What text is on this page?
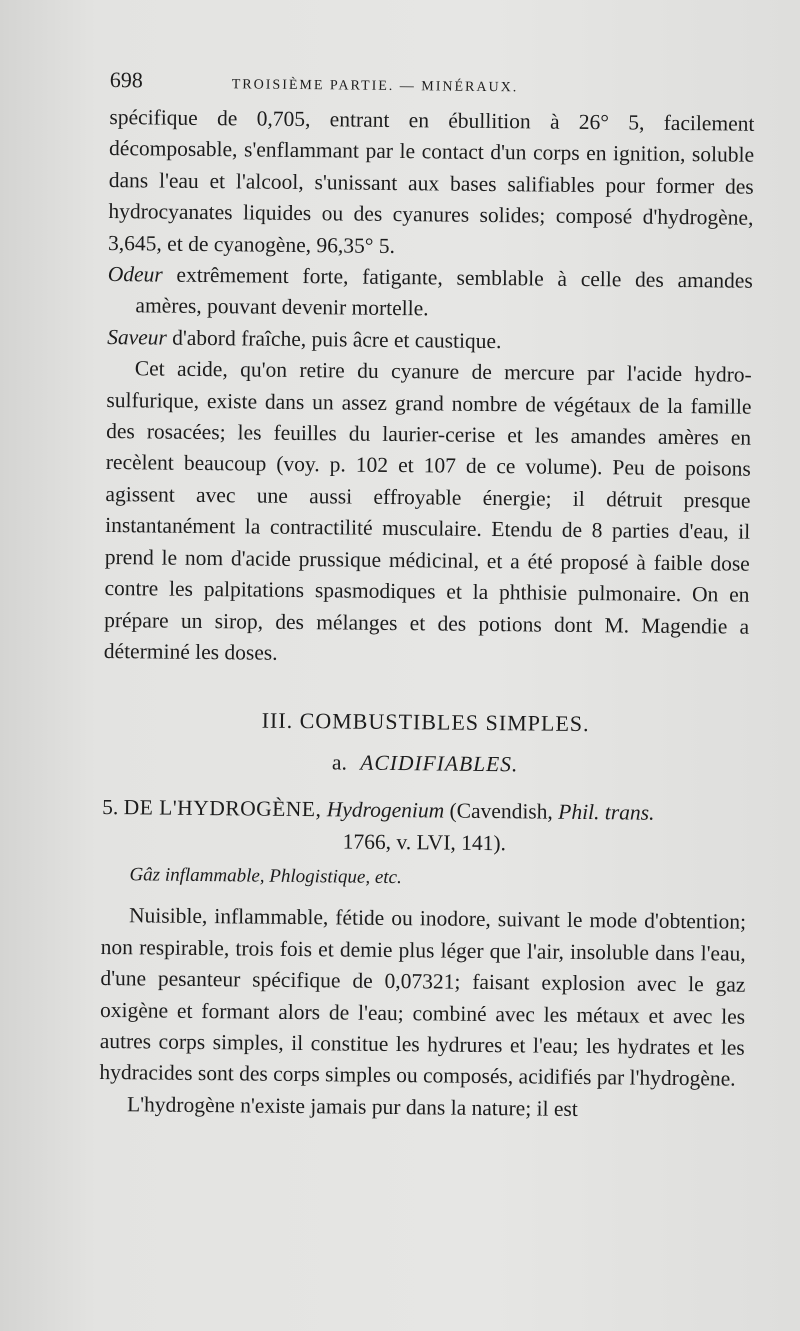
698	TROISIÈME PARTIE. — MINÉRAUX.

spécifique de 0,705, entrant en ébullition à 26° 5, facilement décomposable, s'enflammant par le contact d'un corps en ignition, soluble dans l'eau et l'alcool, s'unissant aux bases salifiables pour former des hydrocyanates liquides ou des cyanures solides; composé d'hydrogène, 3,645, et de cyanogène, 96,35° 5.

Odeur extrêmement forte, fatigante, semblable à celle des amandes amères, pouvant devenir mortelle.

Saveur d'abord fraîche, puis âcre et caustique.

Cet acide, qu'on retire du cyanure de mercure par l'acide hydro-sulfurique, existe dans un assez grand nombre de végétaux de la famille des rosacées; les feuilles du laurier-cerise et les amandes amères en recèlent beaucoup (voy. p. 102 et 107 de ce volume). Peu de poisons agissent avec une aussi effroyable énergie; il détruit presque instantanément la contractilité musculaire. Etendu de 8 parties d'eau, il prend le nom d'acide prussique médicinal, et a été proposé à faible dose contre les palpitations spasmodiques et la phthisie pulmonaire. On en prépare un sirop, des mélanges et des potions dont M. Magendie a déterminé les doses.

III. COMBUSTIBLES SIMPLES.
a. ACIDIFIABLES.
5. DE L'HYDROGÈNE, Hydrogenium (Cavendish, Phil. trans.
1766, v. LVI, 141).

Gâz inflammable, Phlogistique, etc.

Nuisible, inflammable, fétide ou inodore, suivant le mode d'obtention; non respirable, trois fois et demie plus léger que l'air, insoluble dans l'eau, d'une pesanteur spécifique de 0,07321; faisant explosion avec le gaz oxigène et formant alors de l'eau; combiné avec les métaux et avec les autres corps simples, il constitue les hydrures et l'eau; les hydrates et les hydracides sont des corps simples ou composés, acidifiés par l'hydrogène.

L'hydrogène n'existe jamais pur dans la nature; il est
